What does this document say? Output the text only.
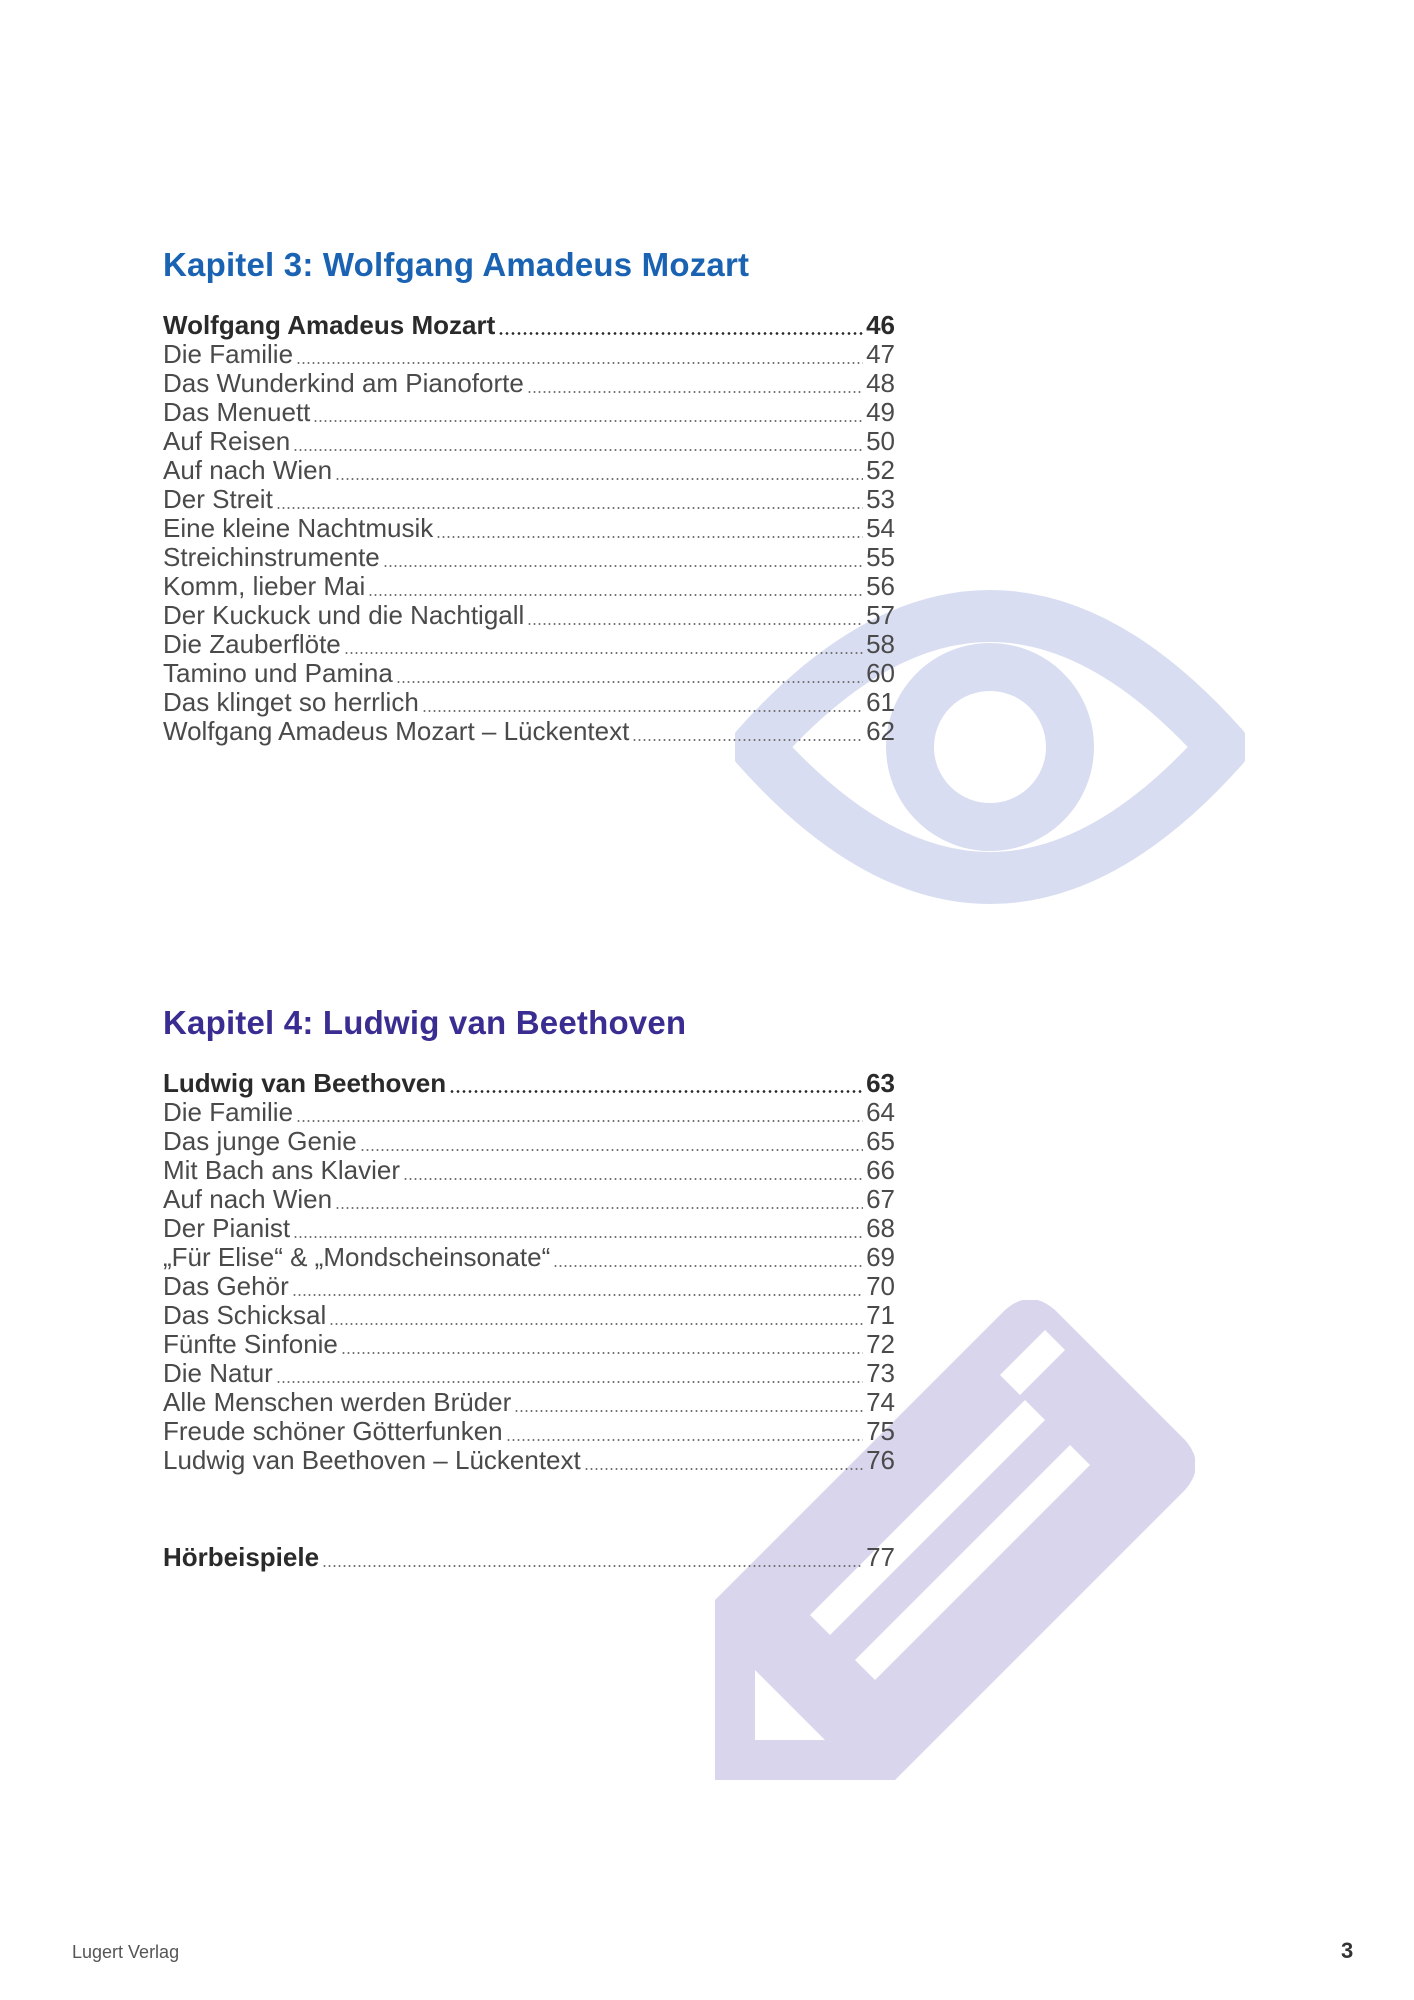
Kapitel 3: Wolfgang Amadeus Mozart
Wolfgang Amadeus Mozart	46
Die Familie	47
Das Wunderkind am Pianoforte	48
Das Menuett	49
Auf Reisen	50
Auf nach Wien	52
Der Streit	53
Eine kleine Nachtmusik	54
Streichinstrumente	55
Komm, lieber Mai	56
Der Kuckuck und die Nachtigall	57
Die Zauberflöte	58
Tamino und Pamina	60
Das klinget so herrlich	61
Wolfgang Amadeus Mozart – Lückentext	62
Kapitel 4: Ludwig van Beethoven
Ludwig van Beethoven	63
Die Familie	64
Das junge Genie	65
Mit Bach ans Klavier	66
Auf nach Wien	67
Der Pianist	68
„Für Elise“ & „Mondscheinsonate“	69
Das Gehör	70
Das Schicksal	71
Fünfte Sinfonie	72
Die Natur	73
Alle Menschen werden Brüder	74
Freude schöner Götterfunken	75
Ludwig van Beethoven – Lückentext	76
Hörbeispiele	77
Lugert Verlag	3
